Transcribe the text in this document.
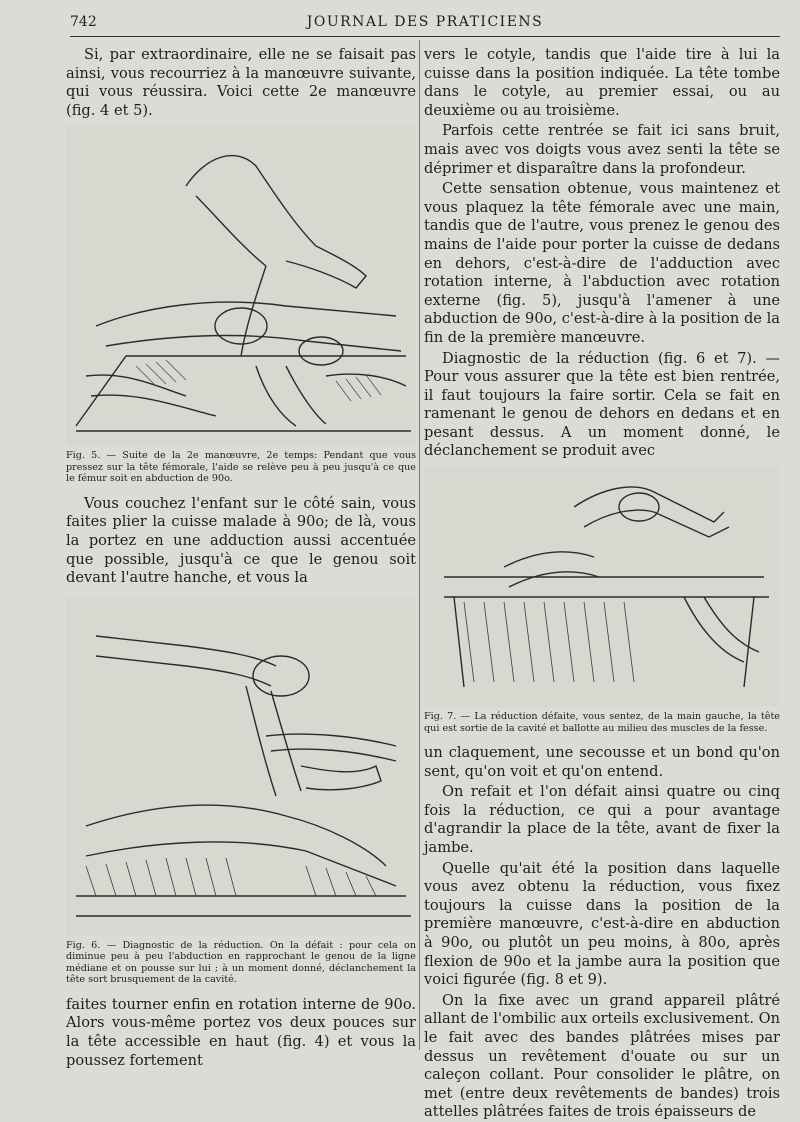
742	JOURNAL DES PRATICIENS

Si, par extraordinaire, elle ne se faisait pas ainsi, vous recourriez à la manœuvre suivante, qui vous réussira. Voici cette 2e manœuvre (fig. 4 et 5).

Fig. 5. — Suite de la 2e manœuvre, 2e temps: Pendant que vous pressez sur la tête fémorale, l'aide se relève peu à peu jusqu'à ce que le fémur soit en abduction de 90o.

Vous couchez l'enfant sur le côté sain, vous faites plier la cuisse malade à 90o; de là, vous la portez en une adduction aussi accentuée que possible, jusqu'à ce que le genou soit devant l'autre hanche, et vous la

Fig. 6. — Diagnostic de la réduction. On la défait : pour cela on diminue peu à peu l'abduction en rapprochant le genou de la ligne médiane et on pousse sur lui ; à un moment donné, déclanchement la tête sort brusquement de la cavité.

faites tourner enfin en rotation interne de 90o. Alors vous-même portez vos deux pouces sur la tête accessible en haut (fig. 4) et vous la poussez fortement

vers le cotyle, tandis que l'aide tire à lui la cuisse dans la position indiquée. La tête tombe dans le cotyle, au premier essai, ou au deuxième ou au troisième.

Parfois cette rentrée se fait ici sans bruit, mais avec vos doigts vous avez senti la tête se déprimer et disparaître dans la profondeur.

Cette sensation obtenue, vous maintenez et vous plaquez la tête fémorale avec une main, tandis que de l'autre, vous prenez le genou des mains de l'aide pour porter la cuisse de dedans en dehors, c'est-à-dire de l'adduction avec rotation interne, à l'abduction avec rotation externe (fig. 5), jusqu'à l'amener à une abduction de 90o, c'est-à-dire à la position de la fin de la première manœuvre.

Diagnostic de la réduction (fig. 6 et 7). — Pour vous assurer que la tête est bien rentrée, il faut toujours la faire sortir. Cela se fait en ramenant le genou de dehors en dedans et en pesant dessus. A un moment donné, le déclanchement se produit avec

Fig. 7. — La réduction défaite, vous sentez, de la main gauche, la tête qui est sortie de la cavité et ballotte au milieu des muscles de la fesse.

un claquement, une secousse et un bond qu'on sent, qu'on voit et qu'on entend.

On refait et l'on défait ainsi quatre ou cinq fois la réduction, ce qui a pour avantage d'agrandir la place de la tête, avant de fixer la jambe.

Quelle qu'ait été la position dans laquelle vous avez obtenu la réduction, vous fixez toujours la cuisse dans la position de la première manœuvre, c'est-à-dire en abduction à 90o, ou plutôt un peu moins, à 80o, après flexion de 90o et la jambe aura la position que voici figurée (fig. 8 et 9).

On la fixe avec un grand appareil plâtré allant de l'ombilic aux orteils exclusivement. On le fait avec des bandes plâtrées mises par dessus un revêtement d'ouate ou sur un caleçon collant. Pour consolider le plâtre, on met (entre deux revêtements de bandes) trois attelles plâtrées faites de trois épaisseurs de
